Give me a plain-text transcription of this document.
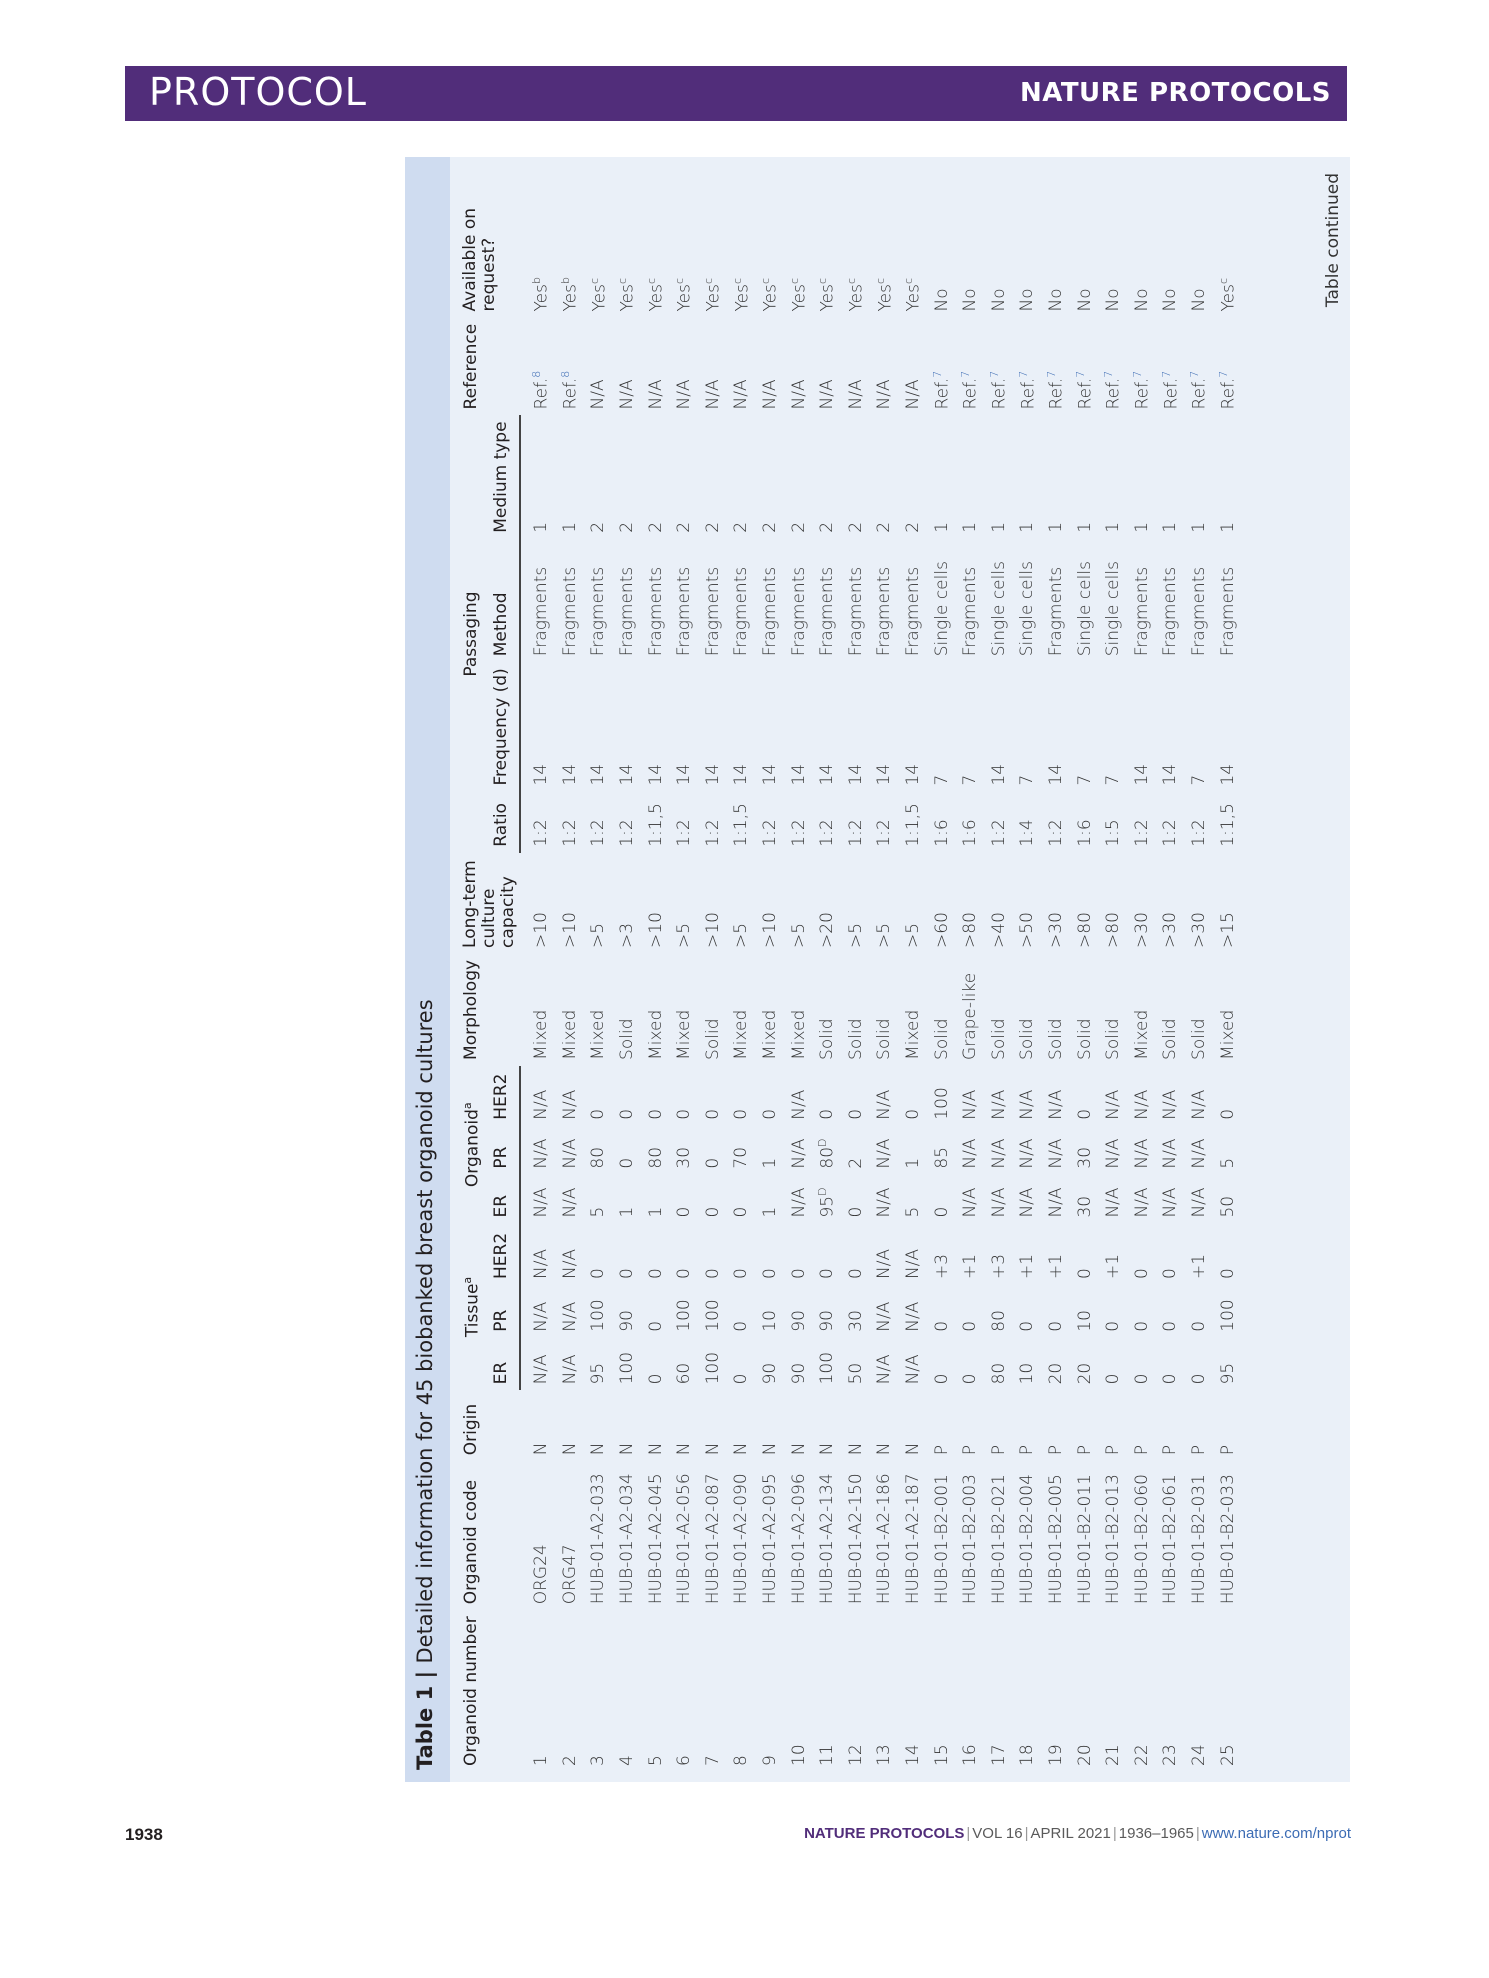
PROTOCOL	NATURE PROTOCOLS
Table 1 | Detailed information for 45 biobanked breast organoid cultures
Organoid number	Organoid code	Origin	Tissue$^a$			Organoid$^a$			Morphology	Long-term culture capacity	Passaging				Reference	Available on request?
			ER	PR	HER2	ER	PR	HER2			Ratio	Frequency (d)	Method	Medium type		
1	ORG24	N	N/A	N/A	N/A	N/A	N/A	N/A	Mixed	>10	1:2	14	Fragments	1	Ref.$^8$	Yes$^b$
2	ORG47	N	N/A	N/A	N/A	N/A	N/A	N/A	Mixed	>10	1:2	14	Fragments	1	Ref.$^8$	Yes$^b$
3	HUB-01-A2-033	N	95	100	0	5	80	0	Mixed	>5	1:2	14	Fragments	2	N/A	Yes$^c$
4	HUB-01-A2-034	N	100	90	0	1	0	0	Solid	>3	1:2	14	Fragments	2	N/A	Yes$^c$
5	HUB-01-A2-045	N	0	0	0	1	80	0	Mixed	>10	1:1,5	14	Fragments	2	N/A	Yes$^c$
6	HUB-01-A2-056	N	60	100	0	0	30	0	Mixed	>5	1:2	14	Fragments	2	N/A	Yes$^c$
7	HUB-01-A2-087	N	100	100	0	0	0	0	Solid	>10	1:2	14	Fragments	2	N/A	Yes$^c$
8	HUB-01-A2-090	N	0	0	0	0	70	0	Mixed	>5	1:1,5	14	Fragments	2	N/A	Yes$^c$
9	HUB-01-A2-095	N	90	10	0	1	1	0	Mixed	>10	1:2	14	Fragments	2	N/A	Yes$^c$
10	HUB-01-A2-096	N	90	90	0	N/A	N/A	N/A	Mixed	>5	1:2	14	Fragments	2	N/A	Yes$^c$
11	HUB-01-A2-134	N	100	90	0	$95^D$	$80^D$	0	Solid	>20	1:2	14	Fragments	2	N/A	Yes$^c$
12	HUB-01-A2-150	N	50	30	0	0	2	0	Solid	>5	1:2	14	Fragments	2	N/A	Yes$^c$
13	HUB-01-A2-186	N	N/A	N/A	N/A	N/A	N/A	N/A	Solid	>5	1:2	14	Fragments	2	N/A	Yes$^c$
14	HUB-01-A2-187	N	N/A	N/A	N/A	5	1	0	Mixed	>5	1:1,5	14	Fragments	2	N/A	Yes$^c$
15	HUB-01-B2-001	P	0	0	+3	0	85	100	Solid	>60	1:6	7	Single cells	1	Ref.$^7$	No
16	HUB-01-B2-003	P	0	0	+1	N/A	N/A	N/A	Grape-like	>80	1:6	7	Fragments	1	Ref.$^7$	No
17	HUB-01-B2-021	P	80	80	+3	N/A	N/A	N/A	Solid	>40	1:2	14	Single cells	1	Ref.$^7$	No
18	HUB-01-B2-004	P	10	0	+1	N/A	N/A	N/A	Solid	>50	1:4	7	Single cells	1	Ref.$^7$	No
19	HUB-01-B2-005	P	20	0	+1	N/A	N/A	N/A	Solid	>30	1:2	14	Fragments	1	Ref.$^7$	No
20	HUB-01-B2-011	P	20	10	0	30	30	0	Solid	>80	1:6	7	Single cells	1	Ref.$^7$	No
21	HUB-01-B2-013	P	0	0	+1	N/A	N/A	N/A	Solid	>80	1:5	7	Single cells	1	Ref.$^7$	No
22	HUB-01-B2-060	P	0	0	0	N/A	N/A	N/A	Mixed	>30	1:2	14	Fragments	1	Ref.$^7$	No
23	HUB-01-B2-061	P	0	0	0	N/A	N/A	N/A	Solid	>30	1:2	14	Fragments	1	Ref.$^7$	No
24	HUB-01-B2-031	P	0	0	+1	N/A	N/A	N/A	Solid	>30	1:2	7	Fragments	1	Ref.$^7$	No
25	HUB-01-B2-033	P	95	100	0	50	5	0	Mixed	>15	1:1,5	14	Fragments	1	Ref.$^7$	Yes$^c$	Table continued
1938	NATURE PROTOCOLS | VOL 16 | APRIL 2021 | 1936–1965 | www.nature.com/nprot
